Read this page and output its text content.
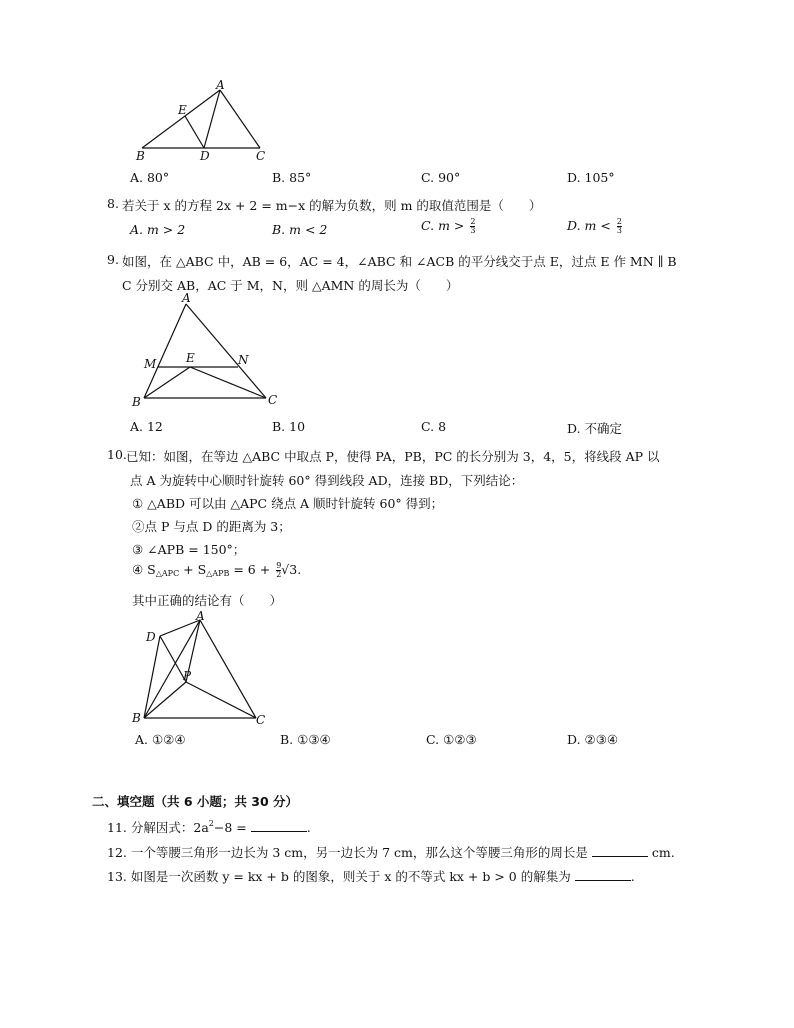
A
E
B	D	C
A. 80°	B. 85°	C. 90°	D. 105°
8. 若关于 x 的方程 2x + 2 = m−x 的解为负数，则 m 的取值范围是（　　）
A. m > 2	B. m < 2	C. $m > \frac{2}{3}$	D. $m < \frac{2}{3}$
9. 如图，在 △ABC 中，AB = 6，AC = 4，∠ABC 和 ∠ACB 的平分线交于点 E，过点 E 作 MN ∥ B
C 分别交 AB，AC 于 M，N，则 △AMN 的周长为（　　）
A
M E	N
B	C
A. 12	B. 10	C. 8	D. 不确定
10. 已知：如图，在等边 △ABC 中取点 P，使得 PA，PB，PC 的长分别为 3，4，5，将线段 AP 以
点 A 为旋转中心顺时针旋转 60° 得到线段 AD，连接 BD，下列结论：
① △ABD 可以由 △APC 绕点 A 顺时针旋转 60° 得到；
②点 P 与点 D 的距离为 3；
③ ∠APB = 150°；
④ $S_{\triangle APC} + S_{\triangle APB} = 6 + \frac{9}{2} √3$.
其中正确的结论有（　　）
A
D
P
B	C
A. ①②④	B. ①③④	C. ①②③	D. ②③④
二、填空题（共 6 小题；共 30 分）
11. 分解因式：$2a^2-8$ =	.
12. 一个等腰三角形一边长为 3 cm，另一边长为 7 cm，那么这个等腰三角形的周长是	cm.
13. 如图是一次函数 y = kx + b 的图象，则关于 x 的不等式 kx + b > 0 的解集为	.
